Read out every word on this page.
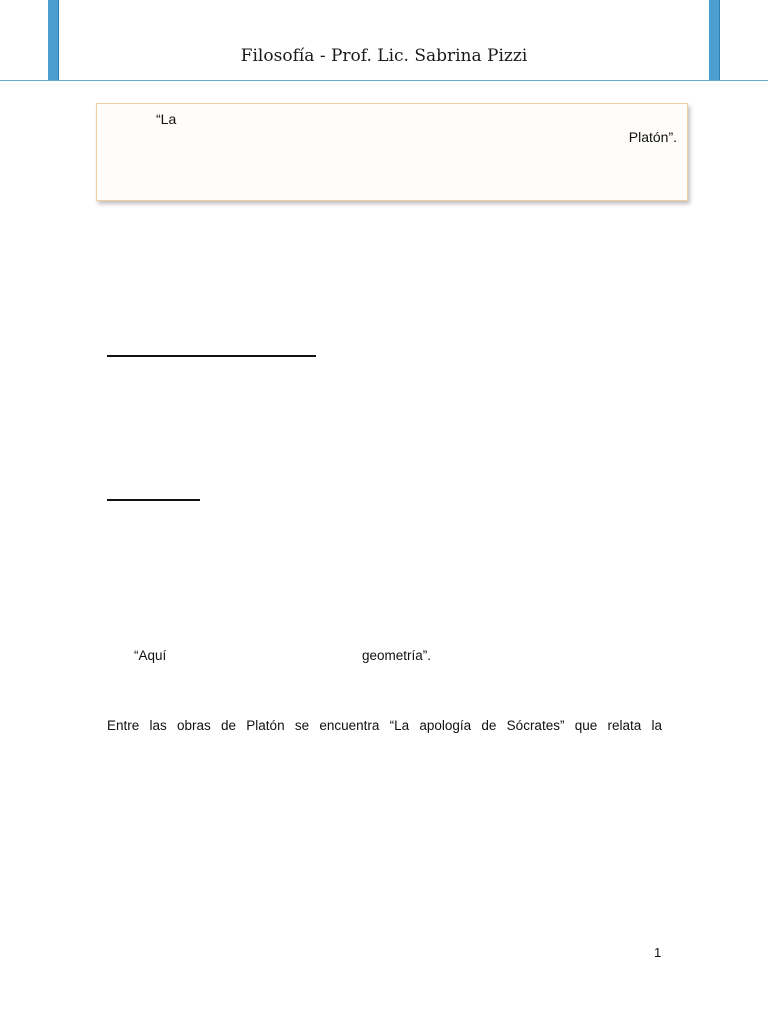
Filosofía - Prof. Lic. Sabrina Pizzi
“La
Platón”.
“Aquí	geometría”.
Entre las obras de Platón se encuentra “La apología de Sócrates” que relata la
1
